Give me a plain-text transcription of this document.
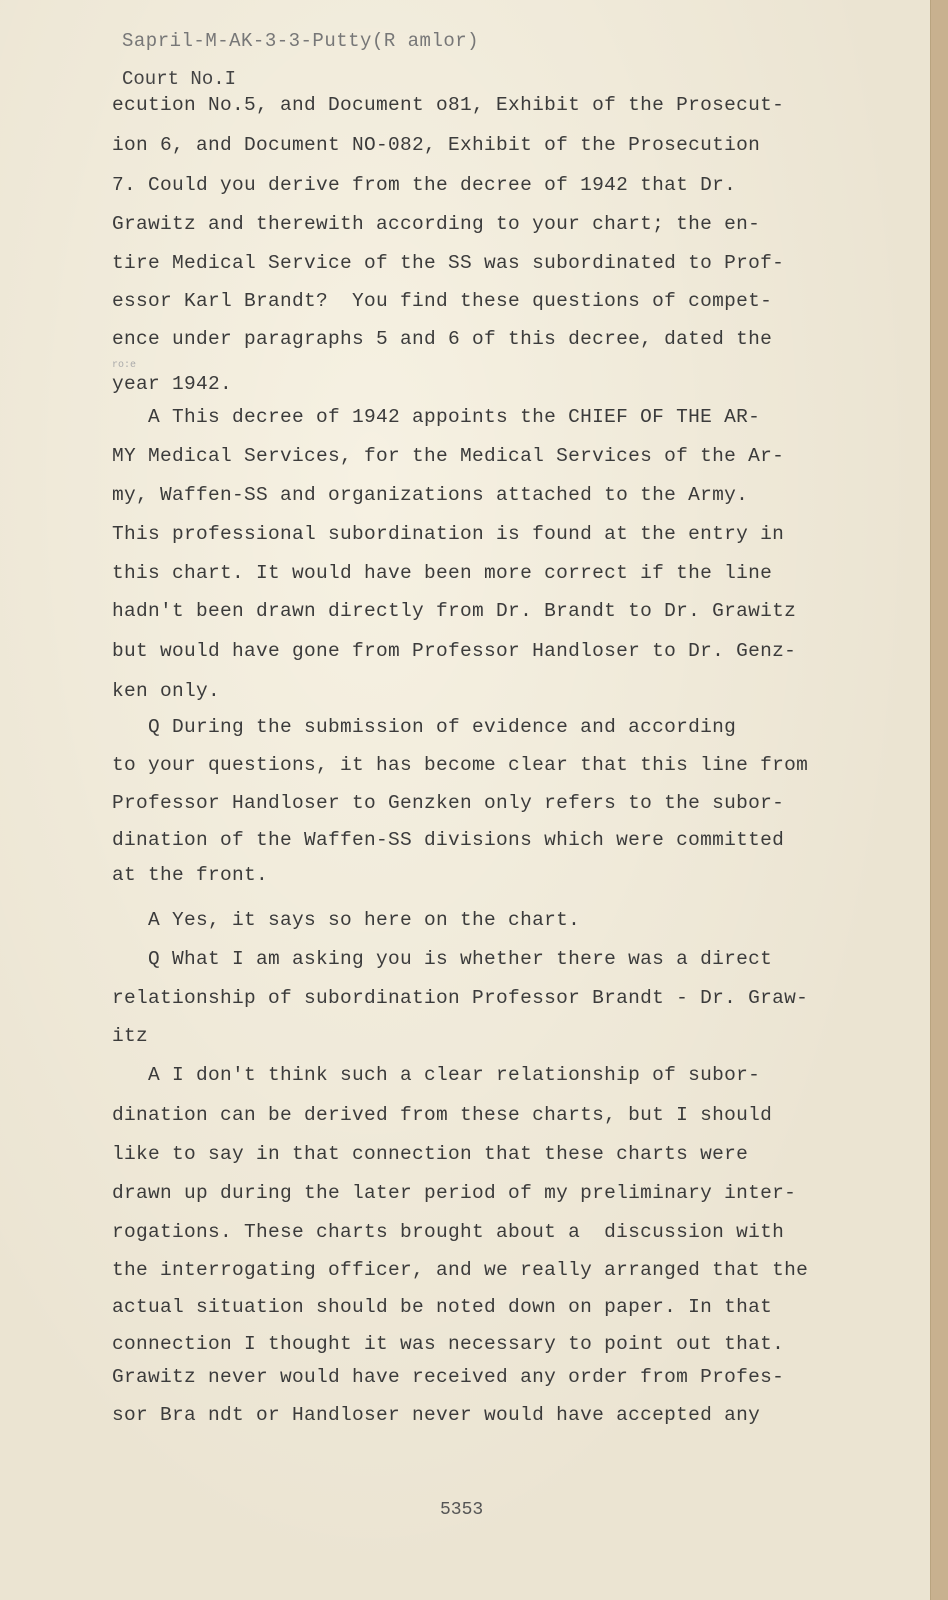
Sapril-M-AK-3-3-Putty(R amlor)
Court No.I
ro:e
ecution No.5, and Document o81, Exhibit of the Prosecut-
ion 6, and Document NO-082, Exhibit of the Prosecution
7. Could you derive from the decree of 1942 that Dr.
Grawitz and therewith according to your chart; the en-
tire Medical Service of the SS was subordinated to Prof-
essor Karl Brandt?  You find these questions of compet-
ence under paragraphs 5 and 6 of this decree, dated the
year 1942.
A This decree of 1942 appoints the CHIEF OF THE AR-
MY Medical Services, for the Medical Services of the Ar-
my, Waffen-SS and organizations attached to the Army.
This professional subordination is found at the entry in
this chart. It would have been more correct if the line
hadn't been drawn directly from Dr. Brandt to Dr. Grawitz
but would have gone from Professor Handloser to Dr. Genz-
ken only.
Q During the submission of evidence and according
to your questions, it has become clear that this line from
Professor Handloser to Genzken only refers to the subor-
dination of the Waffen-SS divisions which were committed
at the front.
A Yes, it says so here on the chart.
Q What I am asking you is whether there was a direct
relationship of subordination Professor Brandt - Dr. Graw-
itz
A I don't think such a clear relationship of subor-
dination can be derived from these charts, but I should
like to say in that connection that these charts were
drawn up during the later period of my preliminary inter-
rogations. These charts brought about a  discussion with
the interrogating officer, and we really arranged that the
actual situation should be noted down on paper. In that
connection I thought it was necessary to point out that.
Grawitz never would have received any order from Profes-
sor Bra ndt or Handloser never would have accepted any
5353
